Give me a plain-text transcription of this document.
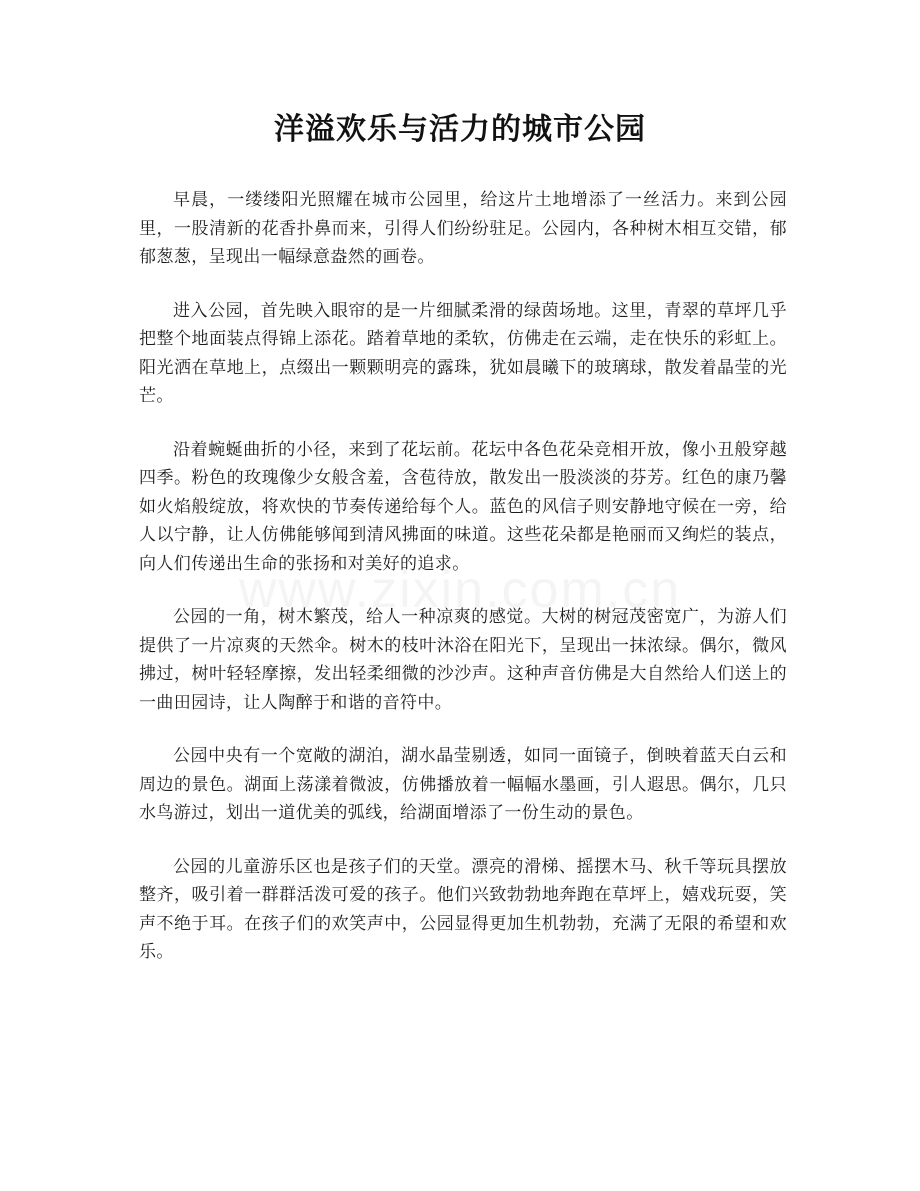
洋溢欢乐与活力的城市公园

早晨，一缕缕阳光照耀在城市公园里，给这片土地增添了一丝活力。来到公园里，一股清新的花香扑鼻而来，引得人们纷纷驻足。公园内，各种树木相互交错，郁郁葱葱，呈现出一幅绿意盎然的画卷。

进入公园，首先映入眼帘的是一片细腻柔滑的绿茵场地。这里，青翠的草坪几乎把整个地面装点得锦上添花。踏着草地的柔软，仿佛走在云端，走在快乐的彩虹上。阳光洒在草地上，点缀出一颗颗明亮的露珠，犹如晨曦下的玻璃球，散发着晶莹的光芒。

沿着蜿蜒曲折的小径，来到了花坛前。花坛中各色花朵竞相开放，像小丑般穿越四季。粉色的玫瑰像少女般含羞，含苞待放，散发出一股淡淡的芬芳。红色的康乃馨如火焰般绽放，将欢快的节奏传递给每个人。蓝色的风信子则安静地守候在一旁，给人以宁静，让人仿佛能够闻到清风拂面的味道。这些花朵都是艳丽而又绚烂的装点，向人们传递出生命的张扬和对美好的追求。

公园的一角，树木繁茂，给人一种凉爽的感觉。大树的树冠茂密宽广，为游人们提供了一片凉爽的天然伞。树木的枝叶沐浴在阳光下，呈现出一抹浓绿。偶尔，微风拂过，树叶轻轻摩擦，发出轻柔细微的沙沙声。这种声音仿佛是大自然给人们送上的一曲田园诗，让人陶醉于和谐的音符中。

公园中央有一个宽敞的湖泊，湖水晶莹剔透，如同一面镜子，倒映着蓝天白云和周边的景色。湖面上荡漾着微波，仿佛播放着一幅幅水墨画，引人遐思。偶尔，几只水鸟游过，划出一道优美的弧线，给湖面增添了一份生动的景色。

公园的儿童游乐区也是孩子们的天堂。漂亮的滑梯、摇摆木马、秋千等玩具摆放整齐，吸引着一群群活泼可爱的孩子。他们兴致勃勃地奔跑在草坪上，嬉戏玩耍，笑声不绝于耳。在孩子们的欢笑声中，公园显得更加生机勃勃，充满了无限的希望和欢乐。
